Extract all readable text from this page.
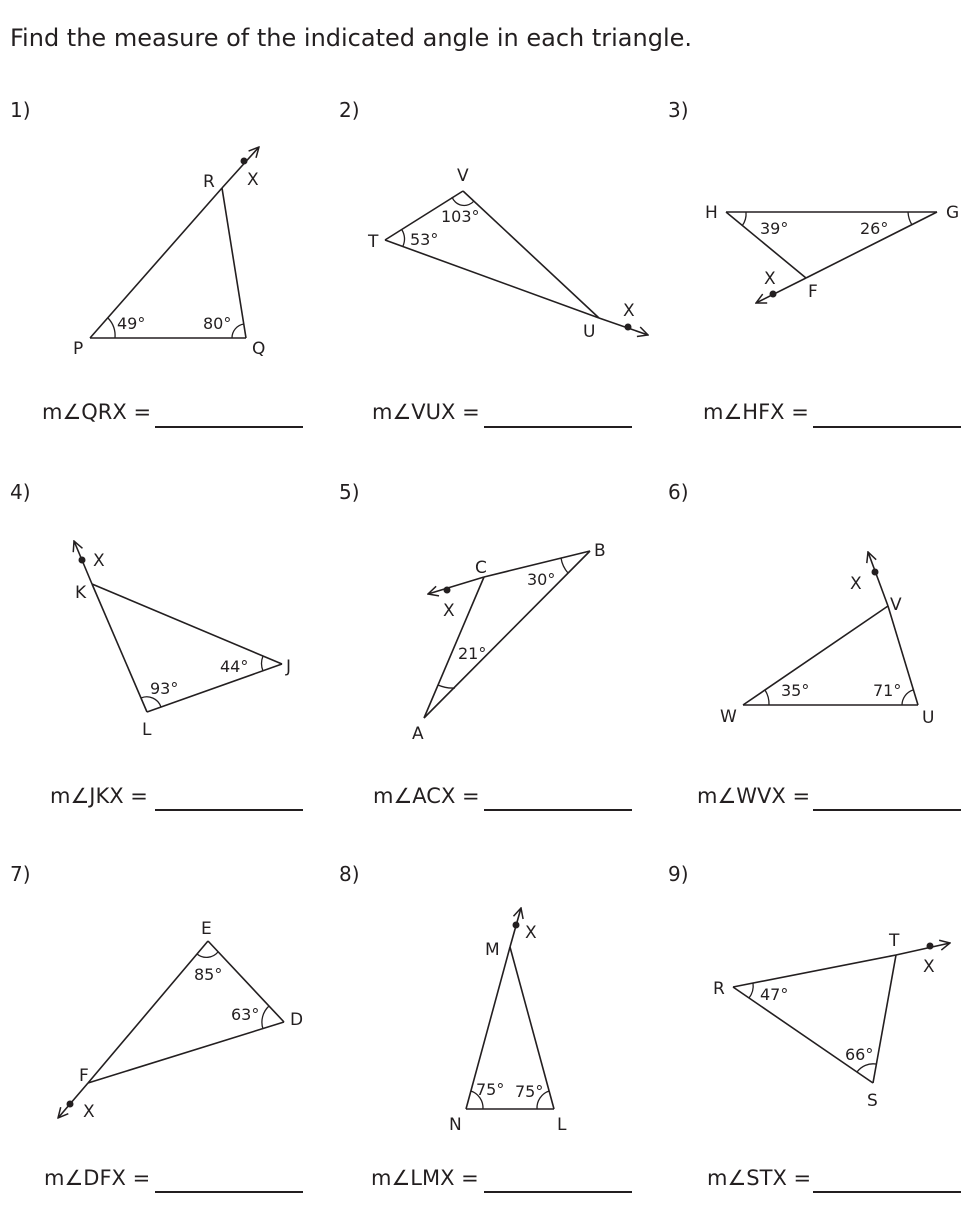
Find the measure of the indicated angle in each triangle.
1)	2)	3)
4)	5)	6)
7)	8)	9)
m∠QRX =	m∠VUX =	m∠HFX =
m∠JKX =	m∠ACX =	m∠WVX =
m∠DFX =	m∠LMX =	m∠STX =
R X
P	Q
49°	80°
V
T
U
X
53°
103°	H	G
X
F
39°	26°
X
K
J
L
93°
44°
B
C
X
A
30°
21°
X
V
W	U
35°	71°
E
D
F
X
85°
63°
X
M
N	L
75° 75°
T
X
R
S
47°
66°
